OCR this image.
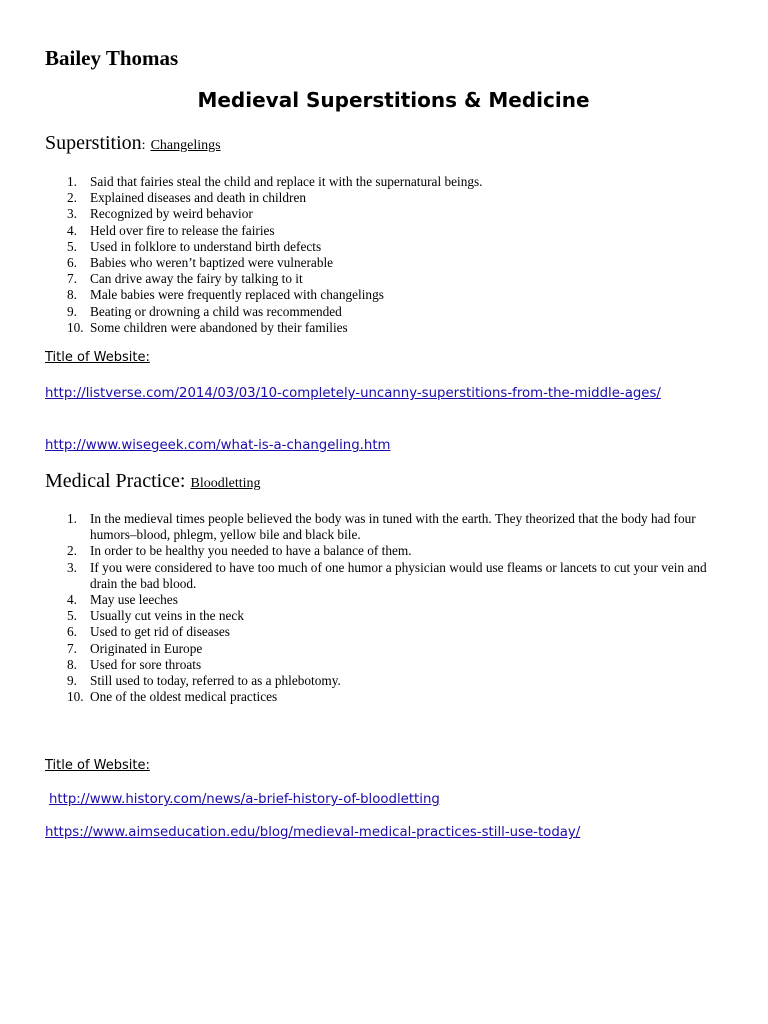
Bailey Thomas
Medieval Superstitions & Medicine
Superstition: Changelings
1. Said that fairies steal the child and replace it with the supernatural beings.
2. Explained diseases and death in children
3. Recognized by weird behavior
4. Held over fire to release the fairies
5. Used in folklore to understand birth defects
6. Babies who weren’t baptized were vulnerable
7. Can drive away the fairy by talking to it
8. Male babies were frequently replaced with changelings
9. Beating or drowning a child was recommended
10. Some children were abandoned by their families

Title of Website:

http://listverse.com/2014/03/03/10-completely-uncanny-superstitions-from-the-middle-ages/
http://www.wisegeek.com/what-is-a-changeling.htm
Medical Practice: Bloodletting
1. In the medieval times people believed the body was in tuned with the earth. They theorized that the body had four humors–blood, phlegm, yellow bile and black bile.
2. In order to be healthy you needed to have a balance of them.
3. If you were considered to have too much of one humor a physician would use fleams or lancets to cut your vein and drain the bad blood.
4. May use leeches
5. Usually cut veins in the neck
6. Used to get rid of diseases
7. Originated in Europe
8. Used for sore throats
9. Still used to today, referred to as a phlebotomy.
10. One of the oldest medical practices

Title of Website:

http://www.history.com/news/a-brief-history-of-bloodletting
https://www.aimseducation.edu/blog/medieval-medical-practices-still-use-today/
